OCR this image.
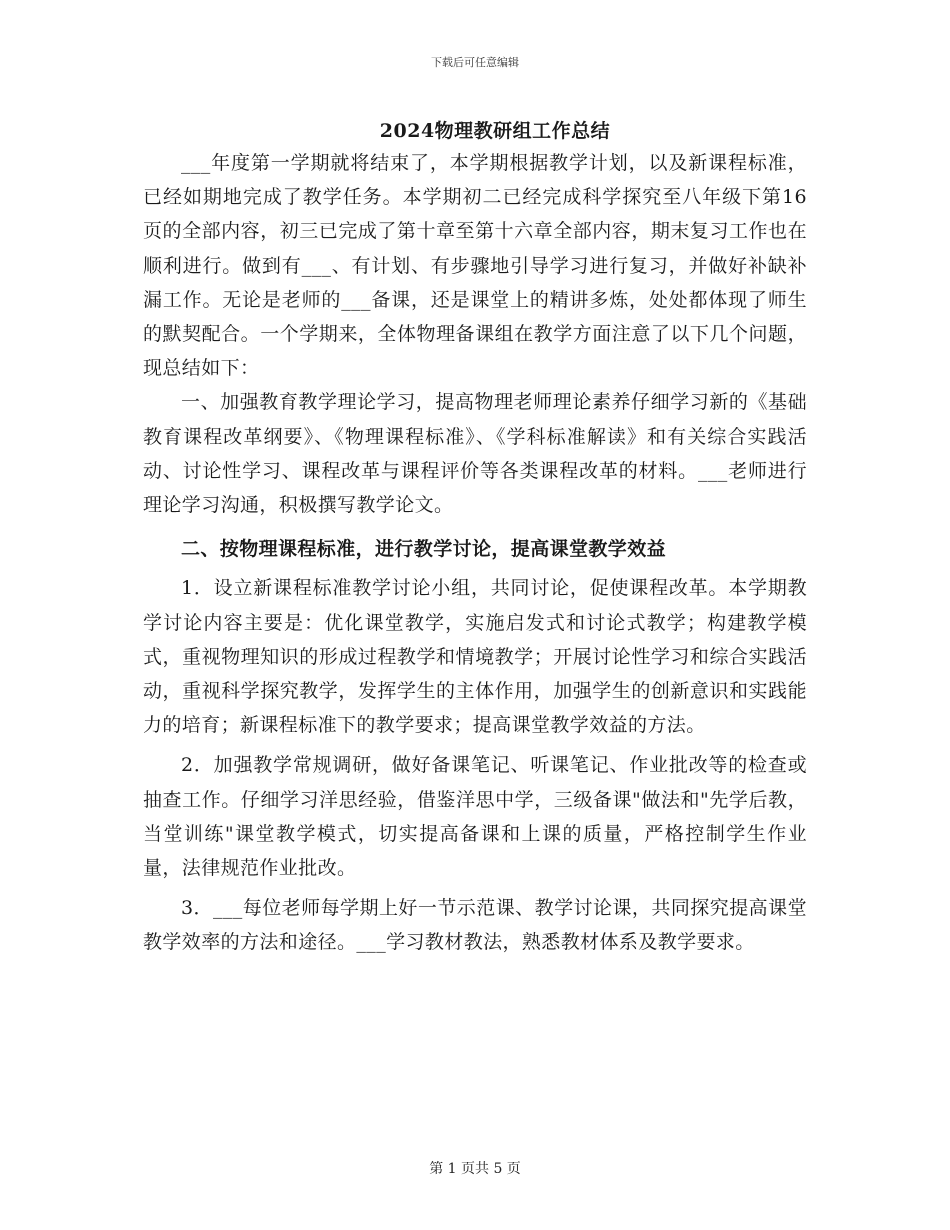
下载后可任意编辑
2024物理教研组工作总结

___年度第一学期就将结束了，本学期根据教学计划，以及新课程标准，已经如期地完成了教学任务。本学期初二已经完成科学探究至八年级下第16页的全部内容，初三已完成了第十章至第十六章全部内容，期末复习工作也在顺利进行。做到有___、有计划、有步骤地引导学习进行复习，并做好补缺补漏工作。无论是老师的___备课，还是课堂上的精讲多炼，处处都体现了师生的默契配合。一个学期来，全体物理备课组在教学方面注意了以下几个问题，现总结如下：

一、加强教育教学理论学习，提高物理老师理论素养仔细学习新的《基础教育课程改革纲要》、《物理课程标准》、《学科标准解读》和有关综合实践活动、讨论性学习、课程改革与课程评价等各类课程改革的材料。___老师进行理论学习沟通，积极撰写教学论文。

二、按物理课程标准，进行教学讨论，提高课堂教学效益

1．设立新课程标准教学讨论小组，共同讨论，促使课程改革。本学期教学讨论内容主要是：优化课堂教学，实施启发式和讨论式教学；构建教学模式，重视物理知识的形成过程教学和情境教学；开展讨论性学习和综合实践活动，重视科学探究教学，发挥学生的主体作用，加强学生的创新意识和实践能力的培育；新课程标准下的教学要求；提高课堂教学效益的方法。

2．加强教学常规调研，做好备课笔记、听课笔记、作业批改等的检查或抽查工作。仔细学习洋思经验，借鉴洋思中学，三级备课"做法和"先学后教，当堂训练"课堂教学模式，切实提高备课和上课的质量，严格控制学生作业量，法律规范作业批改。

3．___每位老师每学期上好一节示范课、教学讨论课，共同探究提高课堂教学效率的方法和途径。___学习教材教法，熟悉教材体系及教学要求。

第 1 页共 5 页
